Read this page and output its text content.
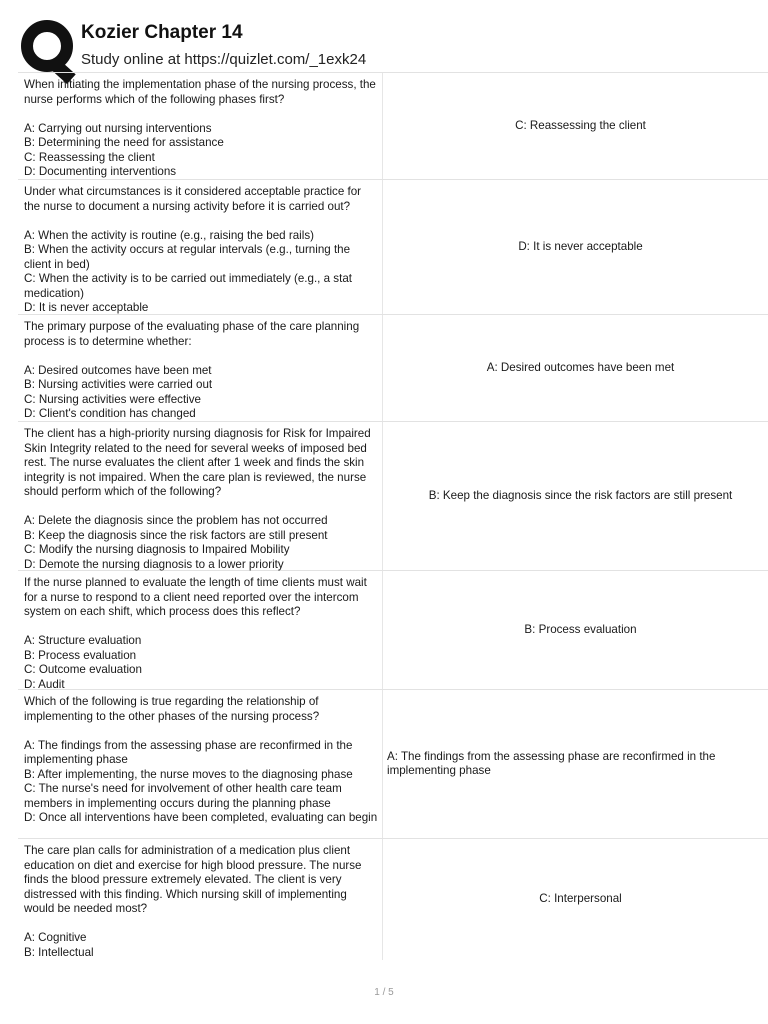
Kozier Chapter 14

Study online at https://quizlet.com/_1exk24

When initiating the implementation phase of the nursing process, the nurse performs which of the following phases first?

A: Carrying out nursing interventions
B: Determining the need for assistance
C: Reassessing the client
D: Documenting interventions
C: Reassessing the client

Under what circumstances is it considered acceptable practice for the nurse to document a nursing activity before it is carried out?

A: When the activity is routine (e.g., raising the bed rails)
B: When the activity occurs at regular intervals (e.g., turning the client in bed)
C: When the activity is to be carried out immediately (e.g., a stat medication)
D: It is never acceptable
D: It is never acceptable

The primary purpose of the evaluating phase of the care planning process is to determine whether:

A: Desired outcomes have been met
B: Nursing activities were carried out
C: Nursing activities were effective
D: Client's condition has changed
A: Desired outcomes have been met

The client has a high-priority nursing diagnosis for Risk for Impaired Skin Integrity related to the need for several weeks of imposed bed rest. The nurse evaluates the client after 1 week and finds the skin integrity is not impaired. When the care plan is reviewed, the nurse should perform which of the following?

A: Delete the diagnosis since the problem has not occurred
B: Keep the diagnosis since the risk factors are still present
C: Modify the nursing diagnosis to Impaired Mobility
D: Demote the nursing diagnosis to a lower priority
B: Keep the diagnosis since the risk factors are still present

If the nurse planned to evaluate the length of time clients must wait for a nurse to respond to a client need reported over the intercom system on each shift, which process does this reflect?

A: Structure evaluation
B: Process evaluation
C: Outcome evaluation
D: Audit
B: Process evaluation

Which of the following is true regarding the relationship of implementing to the other phases of the nursing process?

A: The findings from the assessing phase are reconfirmed in the implementing phase
B: After implementing, the nurse moves to the diagnosing phase
C: The nurse's need for involvement of other health care team members in implementing occurs during the planning phase
D: Once all interventions have been completed, evaluating can begin
A: The findings from the assessing phase are reconfirmed in the implementing phase

The care plan calls for administration of a medication plus client education on diet and exercise for high blood pressure. The nurse finds the blood pressure extremely elevated. The client is very distressed with this finding. Which nursing skill of implementing would be needed most?

A: Cognitive
B: Intellectual
C: Interpersonal
1 / 5
